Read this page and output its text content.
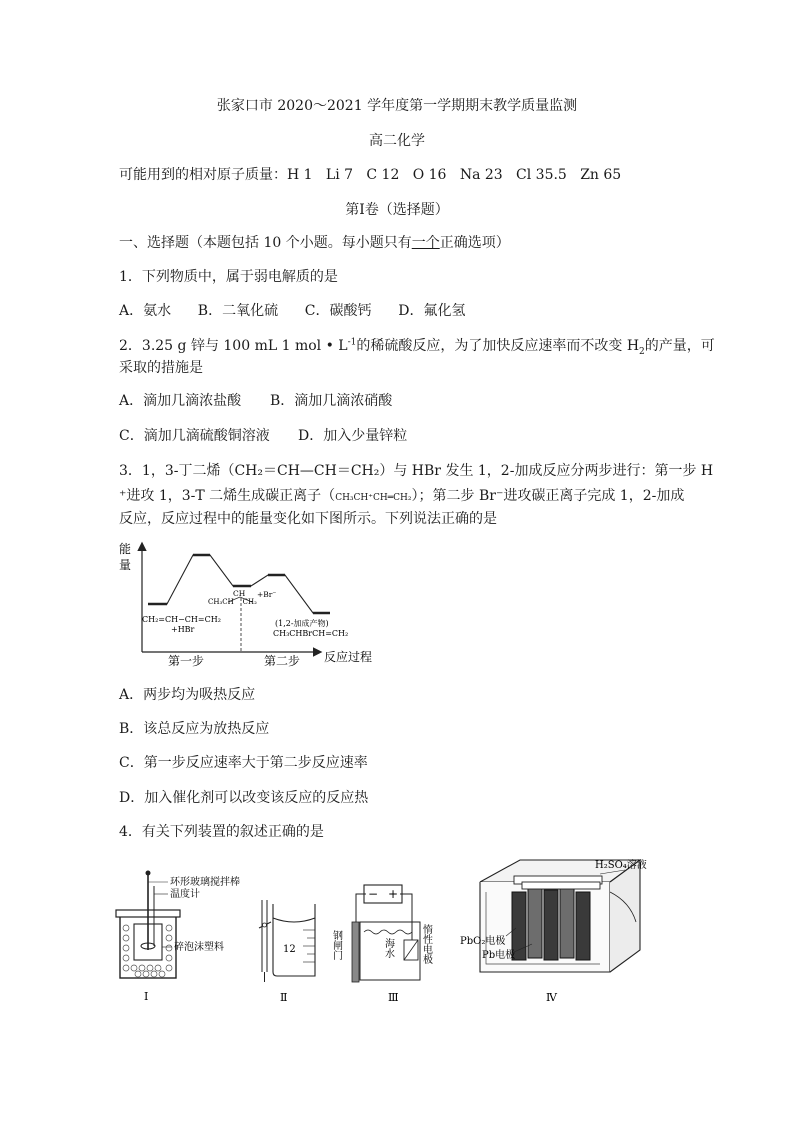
张家口市 2020～2021 学年度第一学期期末教学质量监测
高二化学
可能用到的相对原子质量：H 1   Li 7   C 12   O 16   Na 23   Cl 35.5   Zn 65
第Ⅰ卷（选择题）
一、选择题（本题包括 10 个小题。每小题只有一个正确选项）
1．下列物质中，属于弱电解质的是
A．氨水      B．二氧化硫      C．碳酸钙      D．氟化氢
2．3.25 g 锌与 100 mL 1 mol • $L^{-1}$的稀硫酸反应，为了加快反应速率而不改变 $H_2$的产量，可
采取的措施是
A．滴加几滴浓盐酸 B．滴加几滴浓硝酸
C．滴加几滴硫酸铜溶液 D．加入少量锌粒
3．1，3-丁二烯（CH₂＝CH—CH＝CH₂）与 HBr 发生 1，2-加成反应分两步进行：第一步 H
⁺进攻 1，3-T 二烯生成碳正离子（CH₃CH⁺CH═CH₂）；第二步 Br⁻进攻碳正离子完成 1，2-加成
反应，反应过程中的能量变化如下图所示。下列说法正确的是
能
量
CH₂=CH−CH=CH₂
+HBr
CH
CH₃CH    CH₂
+Br⁻
(1,2-加成产物)
CH₃CHBrCH=CH₂
第一步	第二步 反应过程
A．两步均为吸热反应
B．该总反应为放热反应
C．第一步反应速率大于第二步反应速率
D．加入催化剂可以改变该反应的反应热
4．有关下列装置的叙述正确的是
环形玻璃搅拌棒
温度计
碎泡沫塑料
Ⅰ
12
Ⅱ
− +
钢闸门	海水	惰性电极
Ⅲ
H₂SO₄溶液
PbO₂电极
Pb电极
Ⅳ
